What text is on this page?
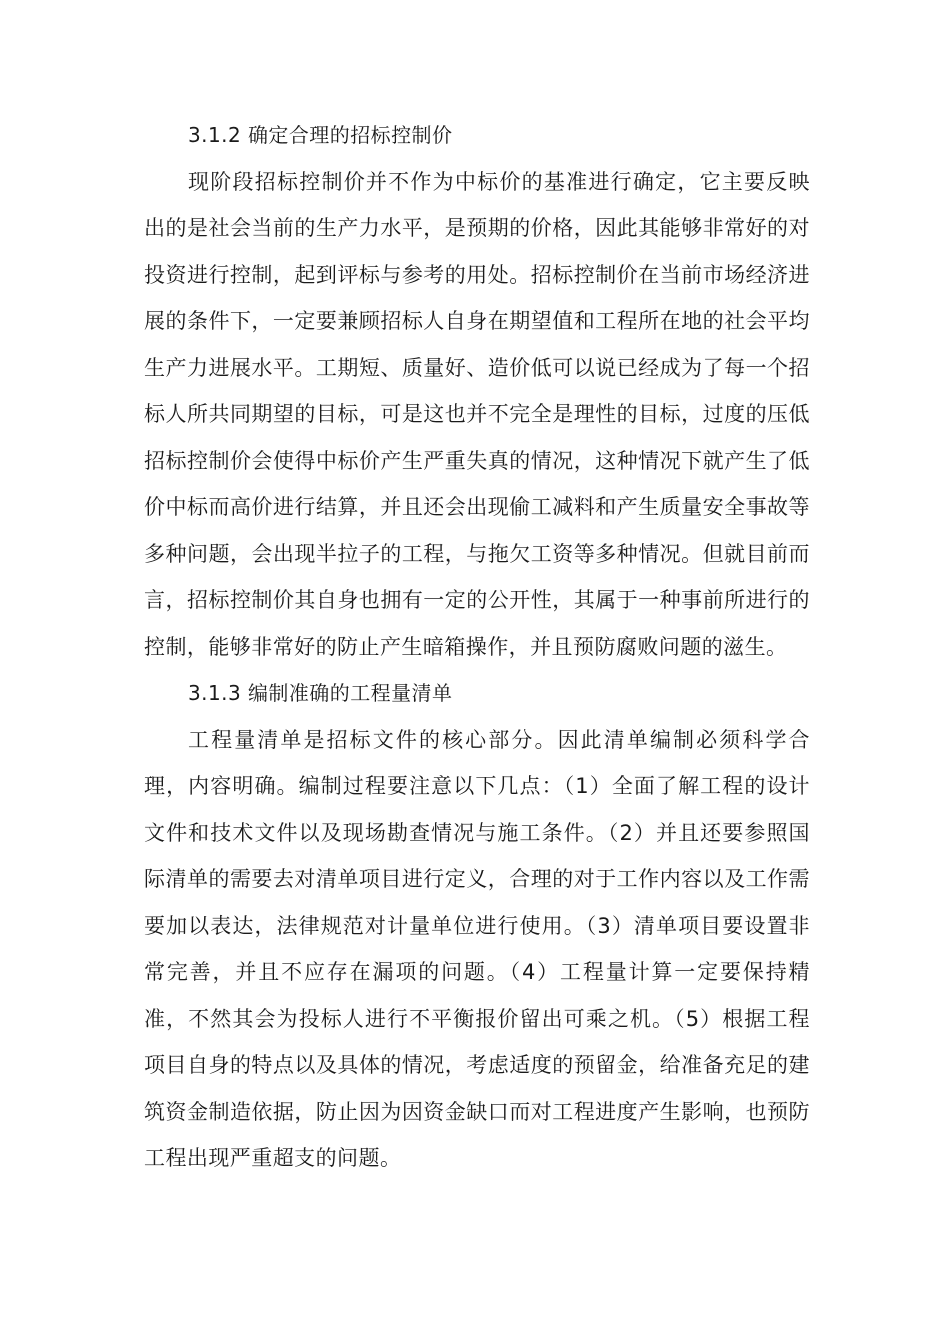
3.1.2 确定合理的招标控制价

现阶段招标控制价并不作为中标价的基准进行确定，它主要反映出的是社会当前的生产力水平，是预期的价格，因此其能够非常好的对投资进行控制，起到评标与参考的用处。招标控制价在当前市场经济进展的条件下，一定要兼顾招标人自身在期望值和工程所在地的社会平均生产力进展水平。工期短、质量好、造价低可以说已经成为了每一个招标人所共同期望的目标，可是这也并不完全是理性的目标，过度的压低招标控制价会使得中标价产生严重失真的情况，这种情况下就产生了低价中标而高价进行结算，并且还会出现偷工减料和产生质量安全事故等多种问题，会出现半拉子的工程，与拖欠工资等多种情况。但就目前而言，招标控制价其自身也拥有一定的公开性，其属于一种事前所进行的控制，能够非常好的防止产生暗箱操作，并且预防腐败问题的滋生。

3.1.3 编制准确的工程量清单

工程量清单是招标文件的核心部分。因此清单编制必须科学合理，内容明确。编制过程要注意以下几点：（1）全面了解工程的设计文件和技术文件以及现场勘查情况与施工条件。（2）并且还要参照国际清单的需要去对清单项目进行定义，合理的对于工作内容以及工作需要加以表达，法律规范对计量单位进行使用。（3）清单项目要设置非常完善，并且不应存在漏项的问题。（4）工程量计算一定要保持精准，不然其会为投标人进行不平衡报价留出可乘之机。（5）根据工程项目自身的特点以及具体的情况，考虑适度的预留金，给准备充足的建筑资金制造依据，防止因为因资金缺口而对工程进度产生影响，也预防工程出现严重超支的问题。
